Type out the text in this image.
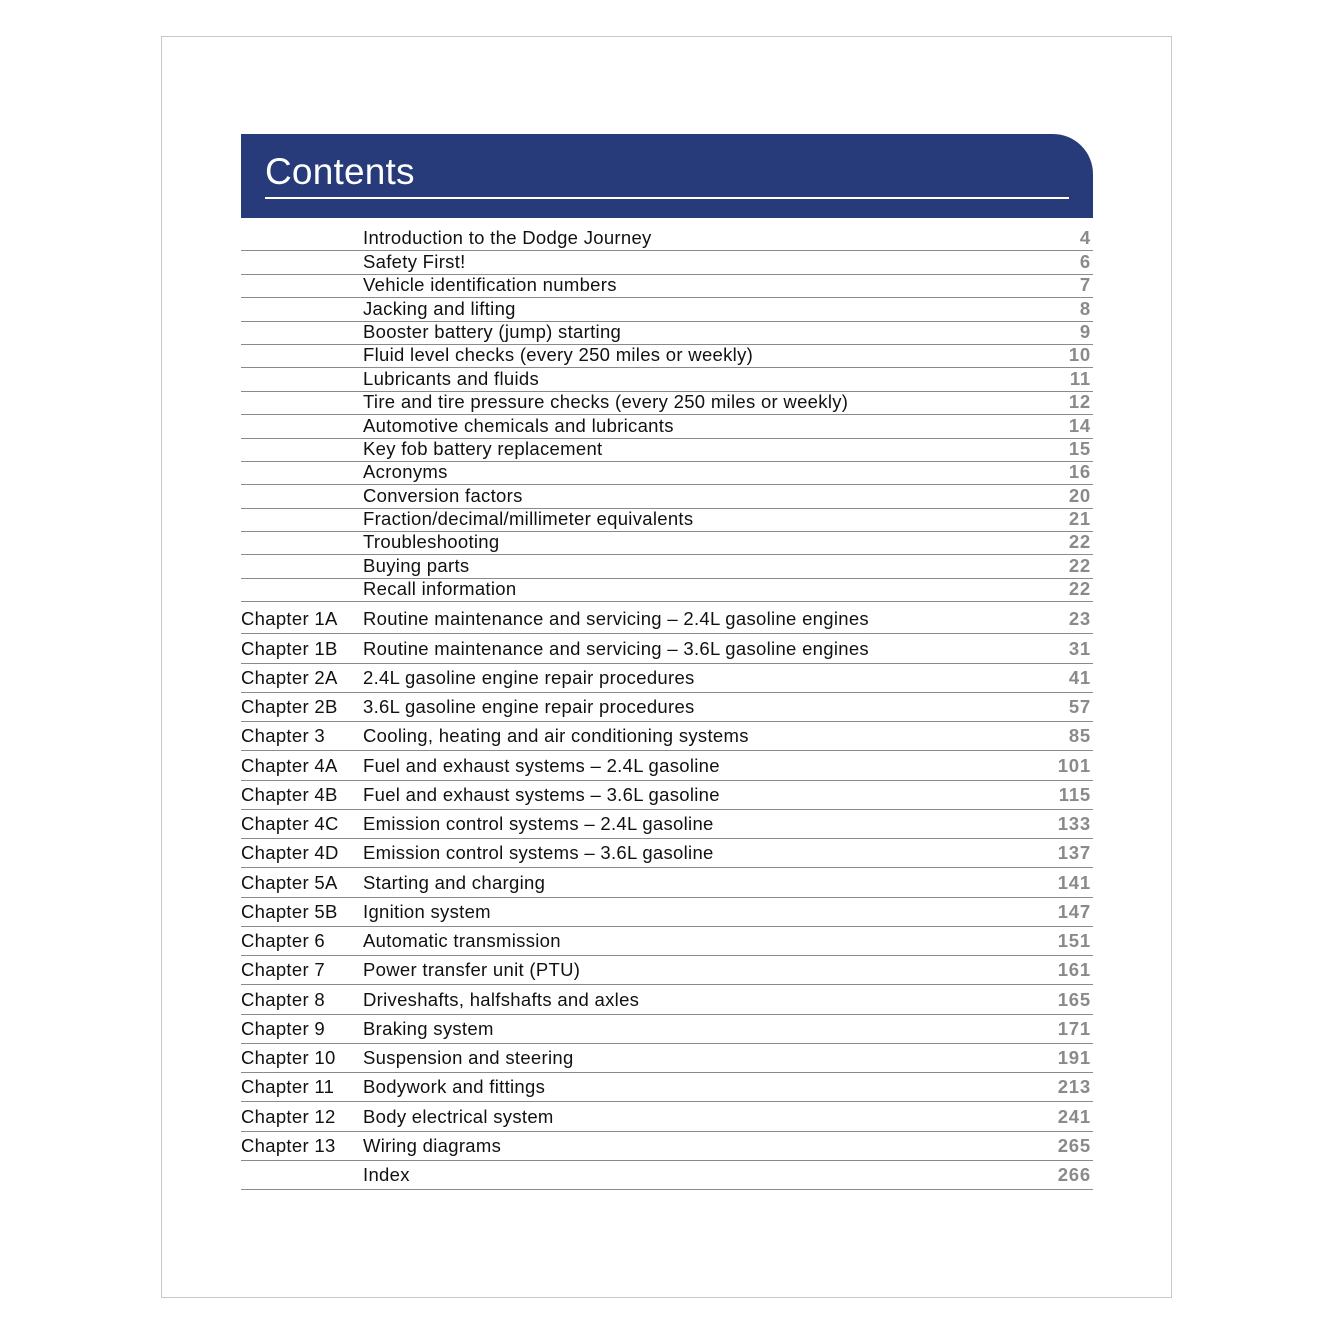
Contents
Introduction to the Dodge Journey	4
Safety First!	6
Vehicle identification numbers	7
Jacking and lifting	8
Booster battery (jump) starting	9
Fluid level checks (every 250 miles or weekly)	10
Lubricants and fluids	11
Tire and tire pressure checks (every 250 miles or weekly)	12
Automotive chemicals and lubricants	14
Key fob battery replacement	15
Acronyms	16
Conversion factors	20
Fraction/decimal/millimeter equivalents	21
Troubleshooting	22
Buying parts	22
Recall information	22
Chapter 1A Routine maintenance and servicing – 2.4L gasoline engines	23
Chapter 1B Routine maintenance and servicing – 3.6L gasoline engines	31
Chapter 2A 2.4L gasoline engine repair procedures	41
Chapter 2B 3.6L gasoline engine repair procedures	57
Chapter 3 Cooling, heating and air conditioning systems	85
Chapter 4A Fuel and exhaust systems – 2.4L gasoline	101
Chapter 4B Fuel and exhaust systems – 3.6L gasoline	115
Chapter 4C Emission control systems – 2.4L gasoline	133
Chapter 4D Emission control systems – 3.6L gasoline	137
Chapter 5A Starting and charging	141
Chapter 5B Ignition system	147
Chapter 6 Automatic transmission	151
Chapter 7 Power transfer unit (PTU)	161
Chapter 8 Driveshafts, halfshafts and axles	165
Chapter 9 Braking system	171
Chapter 10 Suspension and steering	191
Chapter 11 Bodywork and fittings	213
Chapter 12 Body electrical system	241
Chapter 13 Wiring diagrams	265
Index	266
